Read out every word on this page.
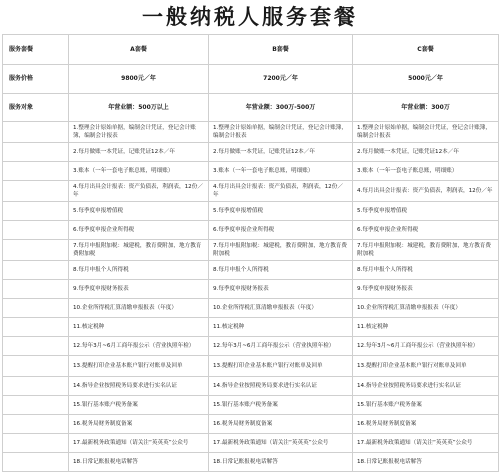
一般纳税人服务套餐
服务套餐	A套餐	B套餐	C套餐
服务价格	9800元／年	7200元／年	5000元／年
服务对象	年营业额：500万以上	年营业额：300万-500万	年营业额：300万
	1.整理会计原始单据，编制会计凭证，登记会计账簿，编制会计报表	1.整理会计原始单据，编制会计凭证，登记会计账簿，编制会计报表	1.整理会计原始单据，编制会计凭证，登记会计账簿，编制会计报表
	2.每月做账一本凭证，记账凭证12本／年	2.每月做账一本凭证，记账凭证12本／年	2.每月做账一本凭证，记账凭证12本／年
	3.账本（一年一套电子账总账，明细账）	3.账本（一年一套电子账总账，明细账）	3.账本（一年一套电子账总账，明细账）
	4.每月出具会计报表：资产负债表，利润表，12份／年	4.每月出具会计报表：资产负债表，利润表，12份／年	4.每月出具会计报表：资产负债表，利润表，12份／年
	5.每季度申报增值税	5.每季度申报增值税	5.每季度申报增值税
	6.每季度申报企业所得税	6.每季度申报企业所得税	6.每季度申报企业所得税
	7.每月申报附加税：城建税，教育费附加，地方教育费附加税	7.每月申报附加税：城建税，教育费附加，地方教育费附加税	7.每月申报附加税：城建税，教育费附加，地方教育费附加税
	8.每月申报个人所得税	8.每月申报个人所得税	8.每月申报个人所得税
	9.每季度申报财务报表	9.每季度申报财务报表	9.每季度申报财务报表
	10.企业所得税汇算清缴申报报表（年度）	10.企业所得税汇算清缴申报报表（年度）	10.企业所得税汇算清缴申报报表（年度）
	11.核定税种	11.核定税种	11.核定税种
	12.每年3月~6月工商年报公示（营业执照年检）	12.每年3月~6月工商年报公示（营业执照年检）	12.每年3月~6月工商年报公示（营业执照年检）
	13.提醒打印企业基本账户银行对账单及回单	13.提醒打印企业基本账户银行对账单及回单	13.提醒打印企业基本账户银行对账单及回单
	14.指导企业按照税务局要求进行实名认证	14.指导企业按照税务局要求进行实名认证	14.指导企业按照税务局要求进行实名认证
	15.银行基本账户税务备案	15.银行基本账户税务备案	15.银行基本账户税务备案
	16.税务局财务制度备案	16.税务局财务制度备案	16.税务局财务制度备案
	17.最新税务政策通知（请关注“英英英”公众号	17.最新税务政策通知（请关注“英英英”公众号	17.最新税务政策通知（请关注“英英英”公众号
	18.日常记账报税电话解答	18.日常记账报税电话解答	18.日常记账报税电话解答
